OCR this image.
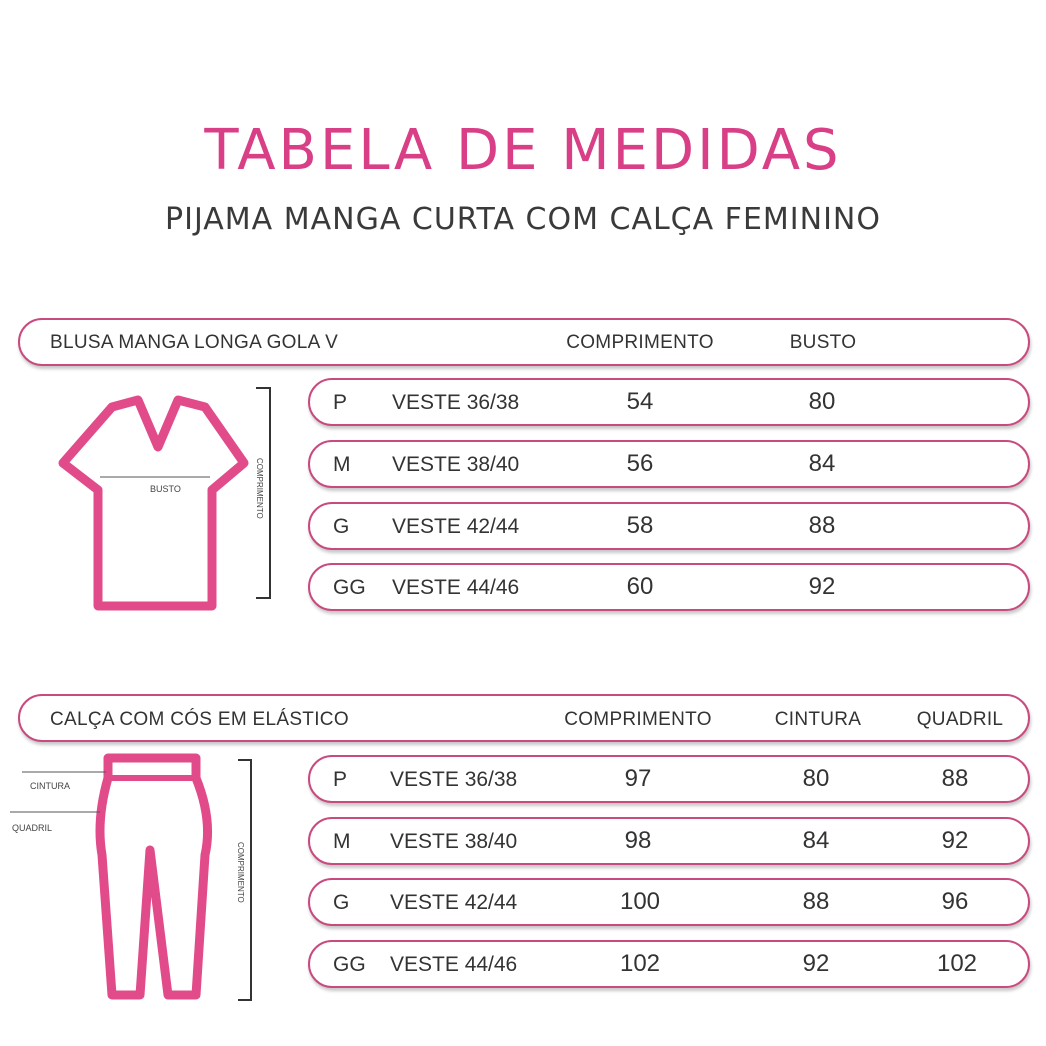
TABELA DE MEDIDAS
PIJAMA MANGA CURTA COM CALÇA FEMININO
BLUSA MANGA LONGA GOLA V	COMPRIMENTO	BUSTO
BUSTO	COMPRIMENTO
P VESTE 36/38	54	80
M VESTE 38/40	56	84
G VESTE 42/44	58	88
GG VESTE 44/46	60	92
CALÇA COM CÓS EM ELÁSTICO	COMPRIMENTO	CINTURA	QUADRIL
CINTURA
QUADRIL
COMPRIMENTO
P VESTE 36/38	97	80	88
M VESTE 38/40	98	84	92
G VESTE 42/44	100	88	96
GG VESTE 44/46	102	92	102
